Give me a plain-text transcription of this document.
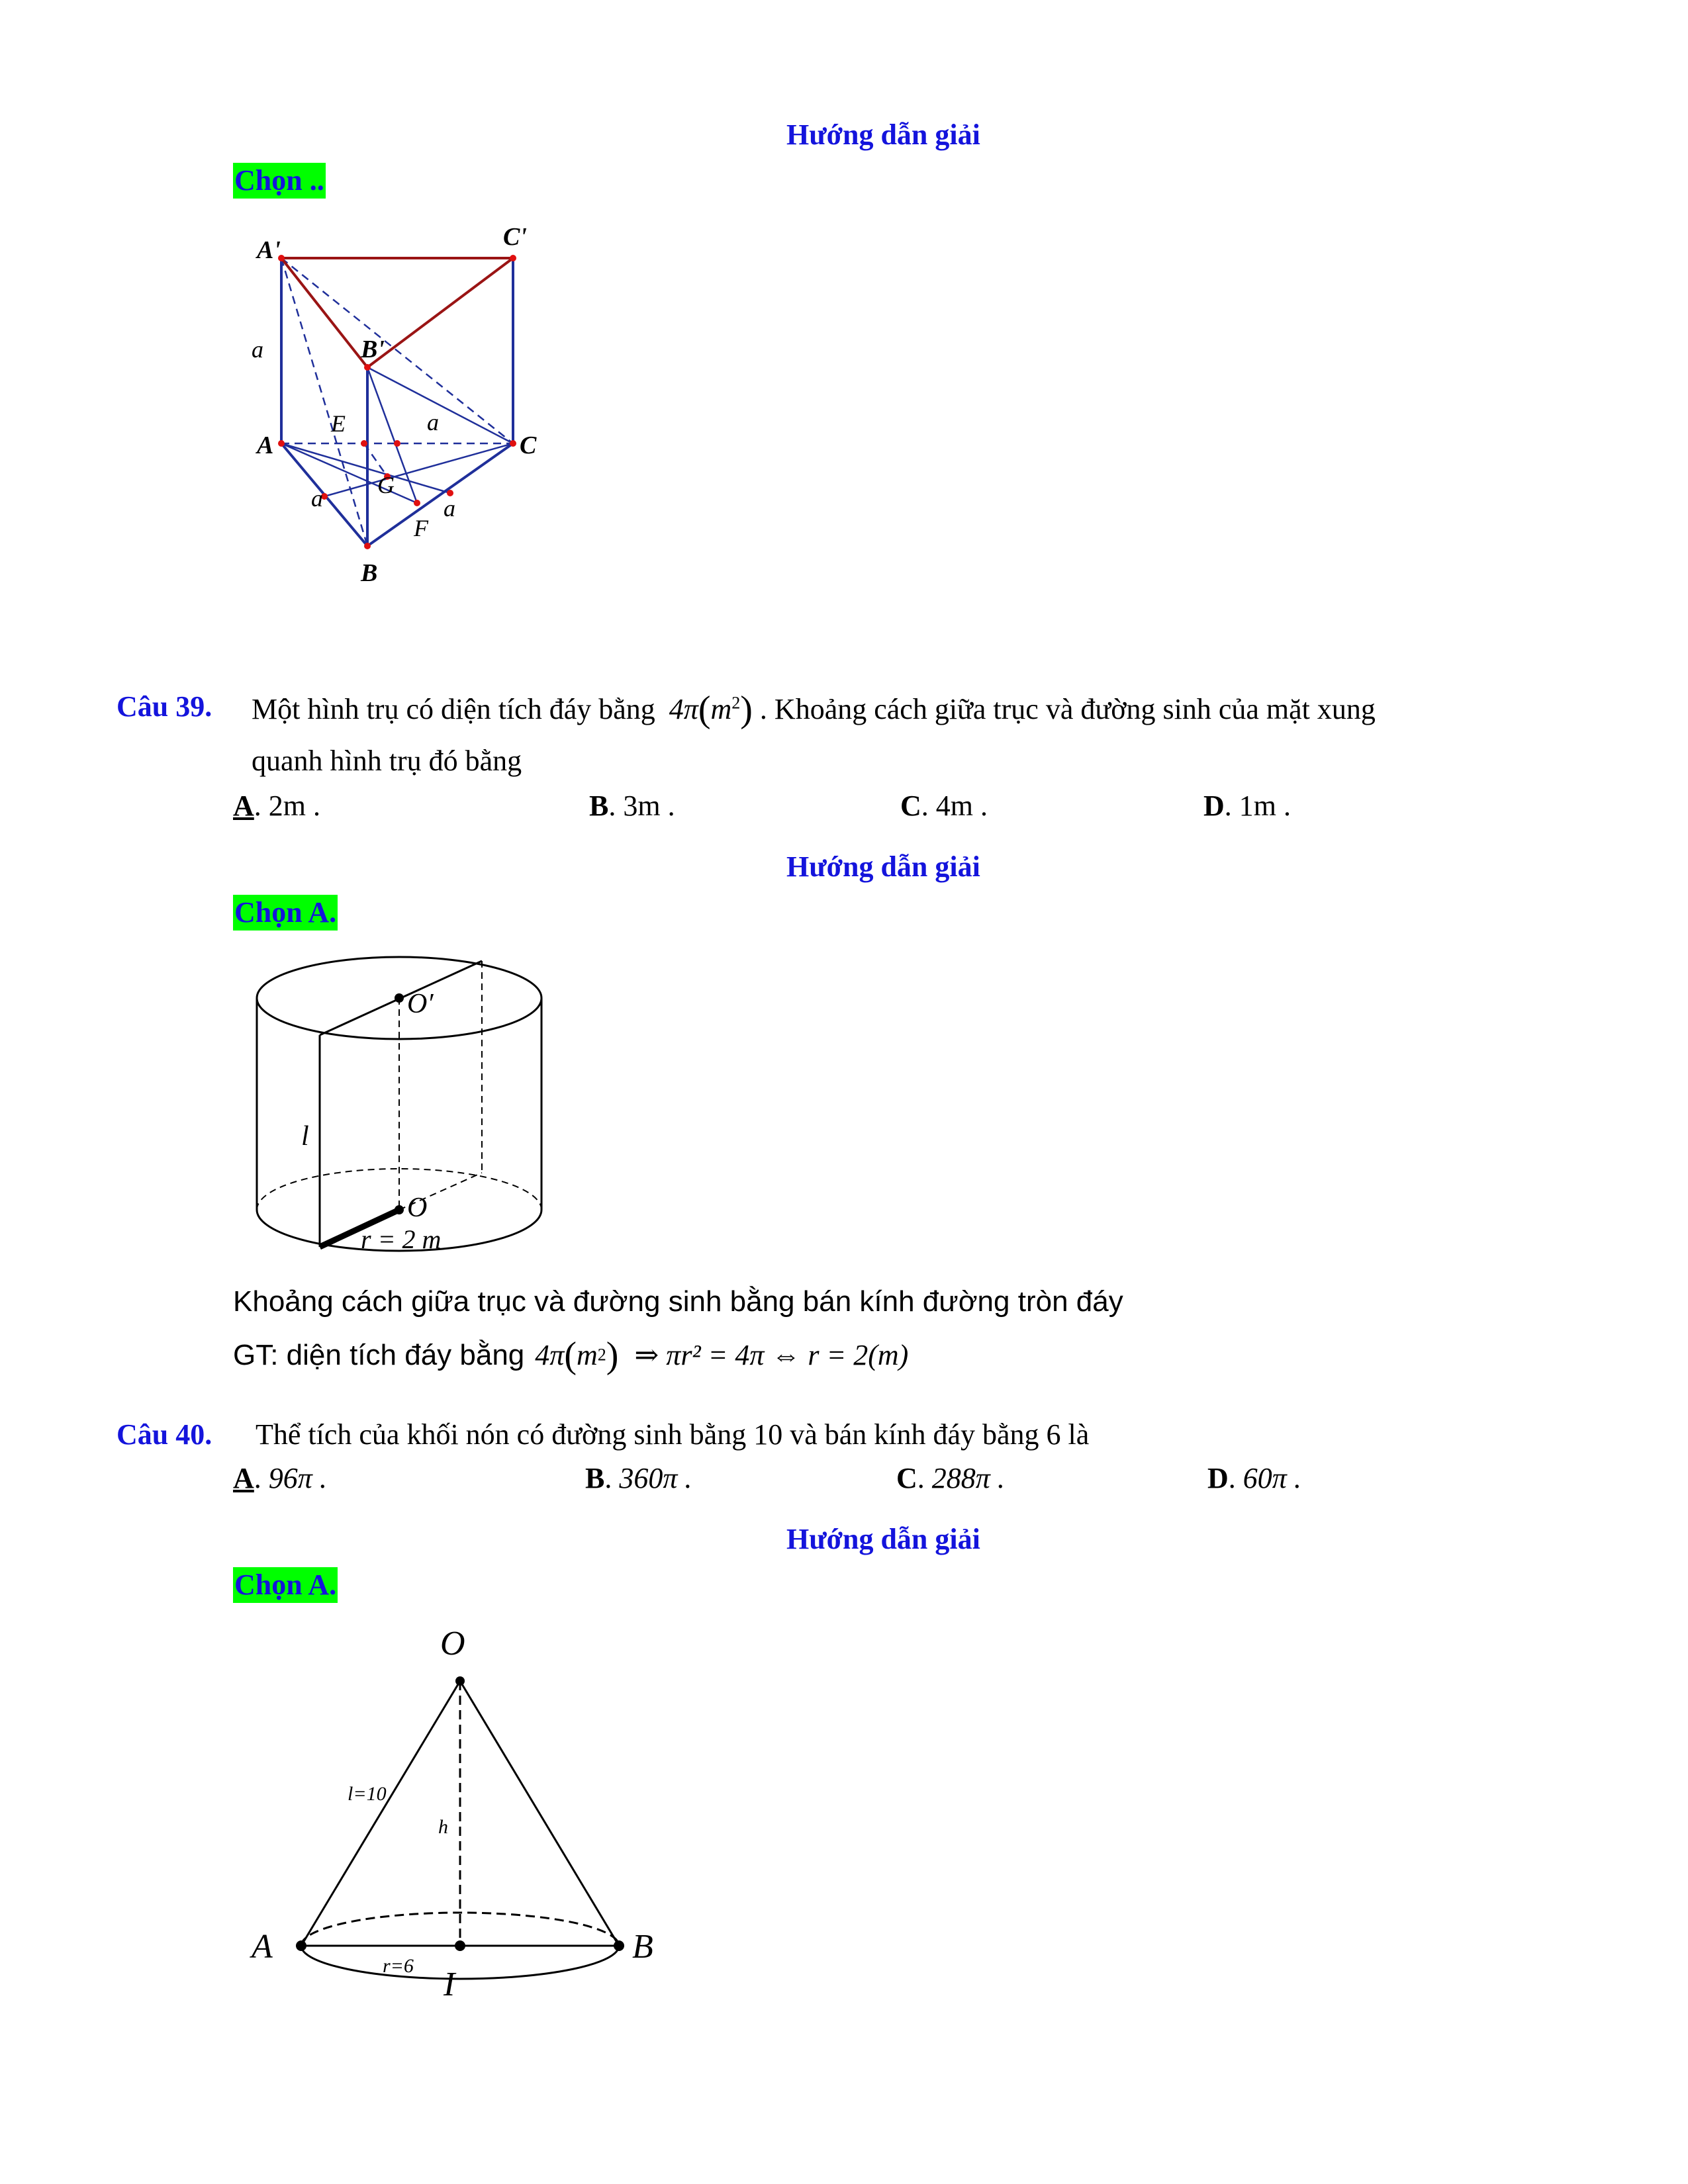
Hướng dẫn giải
Chọn ..
A'	C'
B'
A	C
B
a
a
a	a
E
G
F
Câu 39. Một hình trụ có diện tích đáy bằng $4\pi(m^2)$ . Khoảng cách giữa trục và đường sinh của mặt xung
quanh hình trụ đó bằng
A. 2m .	B. 3m .	C. 4m .	D. 1m .
Hướng dẫn giải
Chọn A.
O′
O
l
r = 2 m
Khoảng cách giữa trục và đường sinh bằng bán kính đường tròn đáy
GT: diện tích đáy bằng $4\pi(m^2)$ ⇒ πr² = 4π ⇔ r = 2(m)
Câu 40. Thể tích của khối nón có đường sinh bằng 10 và bán kính đáy bằng 6 là
A. 96π .	B. 360π .	C. 288π .	D. 60π .
Hướng dẫn giải
Chọn A.
O
A	B
I
l=10
h
r=6
